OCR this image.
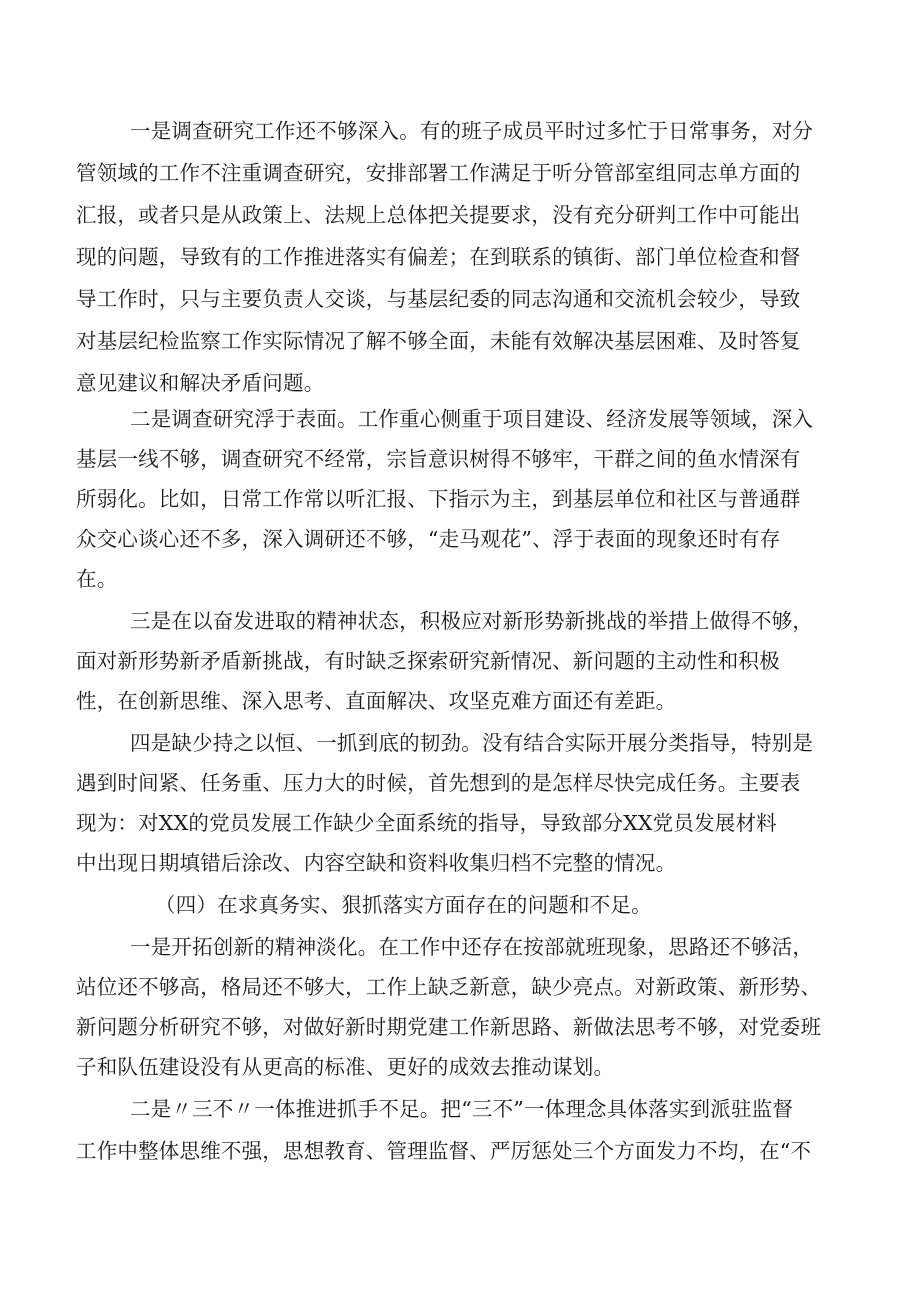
一是调查研究工作还不够深入。有的班子成员平时过多忙于日常事务，对分
管领域的工作不注重调查研究，安排部署工作满足于听分管部室组同志单方面的
汇报，或者只是从政策上、法规上总体把关提要求，没有充分研判工作中可能出
现的问题，导致有的工作推进落实有偏差；在到联系的镇街、部门单位检查和督
导工作时，只与主要负责人交谈，与基层纪委的同志沟通和交流机会较少，导致
对基层纪检监察工作实际情况了解不够全面，未能有效解决基层困难、及时答复
意见建议和解决矛盾问题。
二是调查研究浮于表面。工作重心侧重于项目建设、经济发展等领域，深入
基层一线不够，调查研究不经常，宗旨意识树得不够牢，干群之间的鱼水情深有
所弱化。比如，日常工作常以听汇报、下指示为主，到基层单位和社区与普通群
众交心谈心还不多，深入调研还不够，“走马观花”、浮于表面的现象还时有存
在。
三是在以奋发进取的精神状态，积极应对新形势新挑战的举措上做得不够，
面对新形势新矛盾新挑战，有时缺乏探索研究新情况、新问题的主动性和积极
性，在创新思维、深入思考、直面解决、攻坚克难方面还有差距。
四是缺少持之以恒、一抓到底的韧劲。没有结合实际开展分类指导，特别是
遇到时间紧、任务重、压力大的时候，首先想到的是怎样尽快完成任务。主要表
现为：对XX的党员发展工作缺少全面系统的指导，导致部分XX党员发展材料
中出现日期填错后涂改、内容空缺和资料收集归档不完整的情况。
（四）在求真务实、狠抓落实方面存在的问题和不足。
一是开拓创新的精神淡化。在工作中还存在按部就班现象，思路还不够活，
站位还不够高，格局还不够大，工作上缺乏新意，缺少亮点。对新政策、新形势、
新问题分析研究不够，对做好新时期党建工作新思路、新做法思考不够，对党委班
子和队伍建设没有从更高的标准、更好的成效去推动谋划。
二是〃三不〃一体推进抓手不足。把“三不”一体理念具体落实到派驻监督
工作中整体思维不强，思想教育、管理监督、严厉惩处三个方面发力不均，在“不
